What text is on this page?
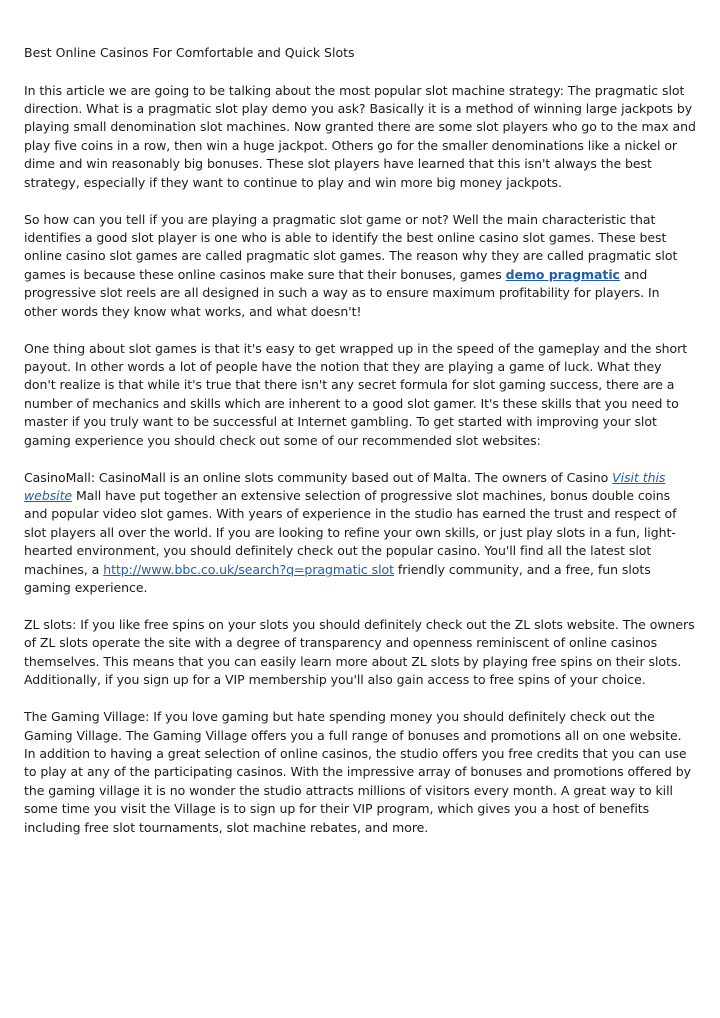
Best Online Casinos For Comfortable and Quick Slots

In this article we are going to be talking about the most popular slot machine strategy: The pragmatic slot direction. What is a pragmatic slot play demo you ask? Basically it is a method of winning large jackpots by playing small denomination slot machines. Now granted there are some slot players who go to the max and play five coins in a row, then win a huge jackpot. Others go for the smaller denominations like a nickel or dime and win reasonably big bonuses. These slot players have learned that this isn't always the best strategy, especially if they want to continue to play and win more big money jackpots.

So how can you tell if you are playing a pragmatic slot game or not? Well the main characteristic that identifies a good slot player is one who is able to identify the best online casino slot games. These best online casino slot games are called pragmatic slot games. The reason why they are called pragmatic slot games is because these online casinos make sure that their bonuses, games demo pragmatic and progressive slot reels are all designed in such a way as to ensure maximum profitability for players. In other words they know what works, and what doesn't!

One thing about slot games is that it's easy to get wrapped up in the speed of the gameplay and the short payout. In other words a lot of people have the notion that they are playing a game of luck. What they don't realize is that while it's true that there isn't any secret formula for slot gaming success, there are a number of mechanics and skills which are inherent to a good slot gamer. It's these skills that you need to master if you truly want to be successful at Internet gambling. To get started with improving your slot gaming experience you should check out some of our recommended slot websites:

CasinoMall: CasinoMall is an online slots community based out of Malta. The owners of Casino Visit this website Mall have put together an extensive selection of progressive slot machines, bonus double coins and popular video slot games. With years of experience in the studio has earned the trust and respect of slot players all over the world. If you are looking to refine your own skills, or just play slots in a fun, light-hearted environment, you should definitely check out the popular casino. You'll find all the latest slot machines, a http://www.bbc.co.uk/search?q=pragmatic slot friendly community, and a free, fun slots gaming experience.

ZL slots: If you like free spins on your slots you should definitely check out the ZL slots website. The owners of ZL slots operate the site with a degree of transparency and openness reminiscent of online casinos themselves. This means that you can easily learn more about ZL slots by playing free spins on their slots. Additionally, if you sign up for a VIP membership you'll also gain access to free spins of your choice.

The Gaming Village: If you love gaming but hate spending money you should definitely check out the Gaming Village. The Gaming Village offers you a full range of bonuses and promotions all on one website. In addition to having a great selection of online casinos, the studio offers you free credits that you can use to play at any of the participating casinos. With the impressive array of bonuses and promotions offered by the gaming village it is no wonder the studio attracts millions of visitors every month. A great way to kill some time you visit the Village is to sign up for their VIP program, which gives you a host of benefits including free slot tournaments, slot machine rebates, and more.
